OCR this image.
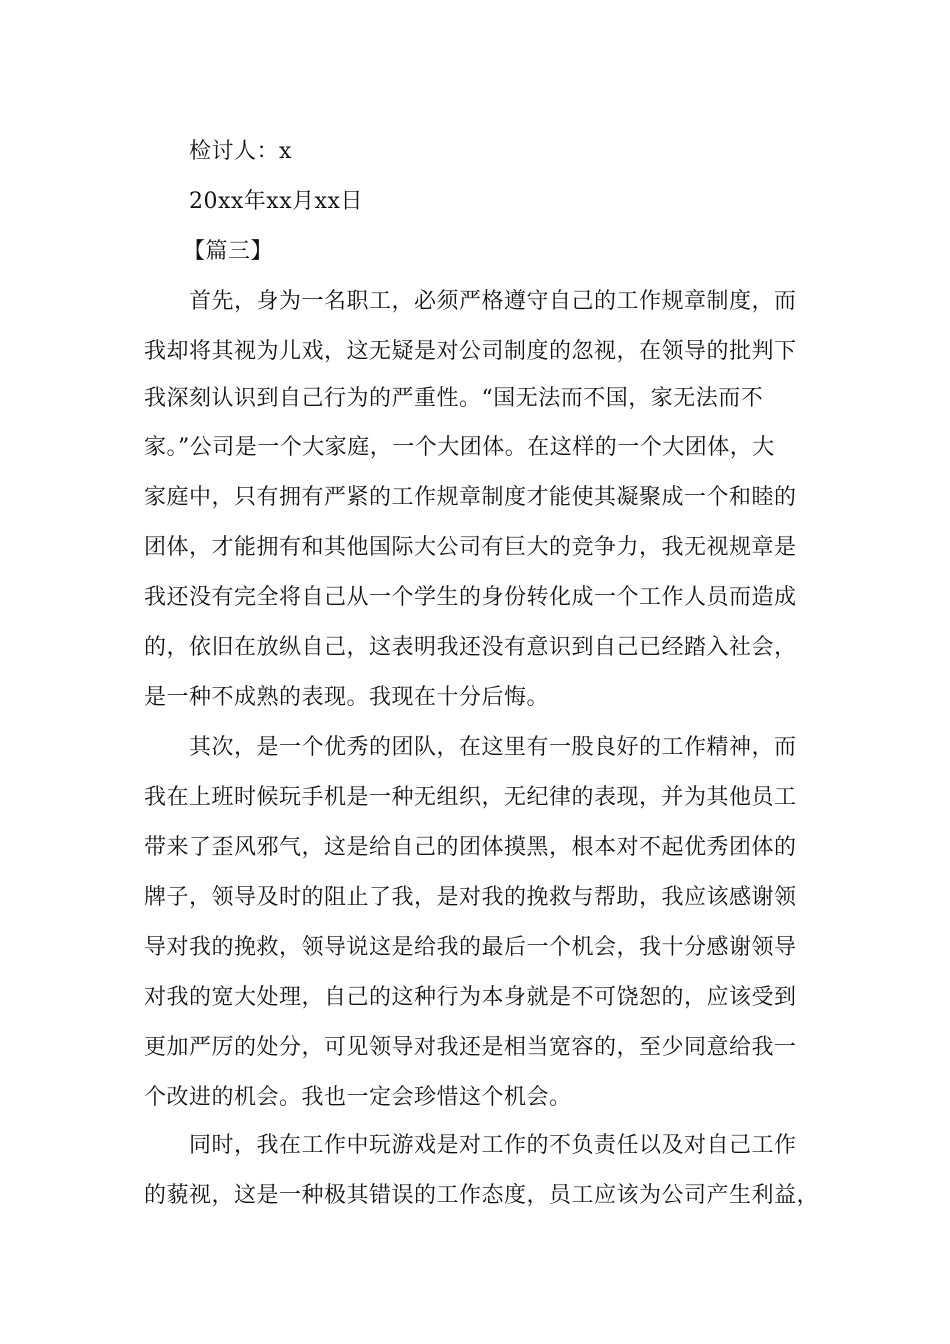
检讨人：x
20xx年xx月xx日
【篇三】
首先，身为一名职工，必须严格遵守自己的工作规章制度，而
我却将其视为儿戏，这无疑是对公司制度的忽视，在领导的批判下
我深刻认识到自己行为的严重性。“国无法而不国，家无法而不
家。”公司是一个大家庭，一个大团体。在这样的一个大团体，大
家庭中，只有拥有严紧的工作规章制度才能使其凝聚成一个和睦的
团体，才能拥有和其他国际大公司有巨大的竞争力，我无视规章是
我还没有完全将自己从一个学生的身份转化成一个工作人员而造成
的，依旧在放纵自己，这表明我还没有意识到自己已经踏入社会，
是一种不成熟的表现。我现在十分后悔。
其次，是一个优秀的团队，在这里有一股良好的工作精神，而
我在上班时候玩手机是一种无组织，无纪律的表现，并为其他员工
带来了歪风邪气，这是给自己的团体摸黑，根本对不起优秀团体的
牌子，领导及时的阻止了我，是对我的挽救与帮助，我应该感谢领
导对我的挽救，领导说这是给我的最后一个机会，我十分感谢领导
对我的宽大处理，自己的这种行为本身就是不可饶恕的，应该受到
更加严厉的处分，可见领导对我还是相当宽容的，至少同意给我一
个改进的机会。我也一定会珍惜这个机会。
同时，我在工作中玩游戏是对工作的不负责任以及对自己工作
的藐视，这是一种极其错误的工作态度，员工应该为公司产生利益，
